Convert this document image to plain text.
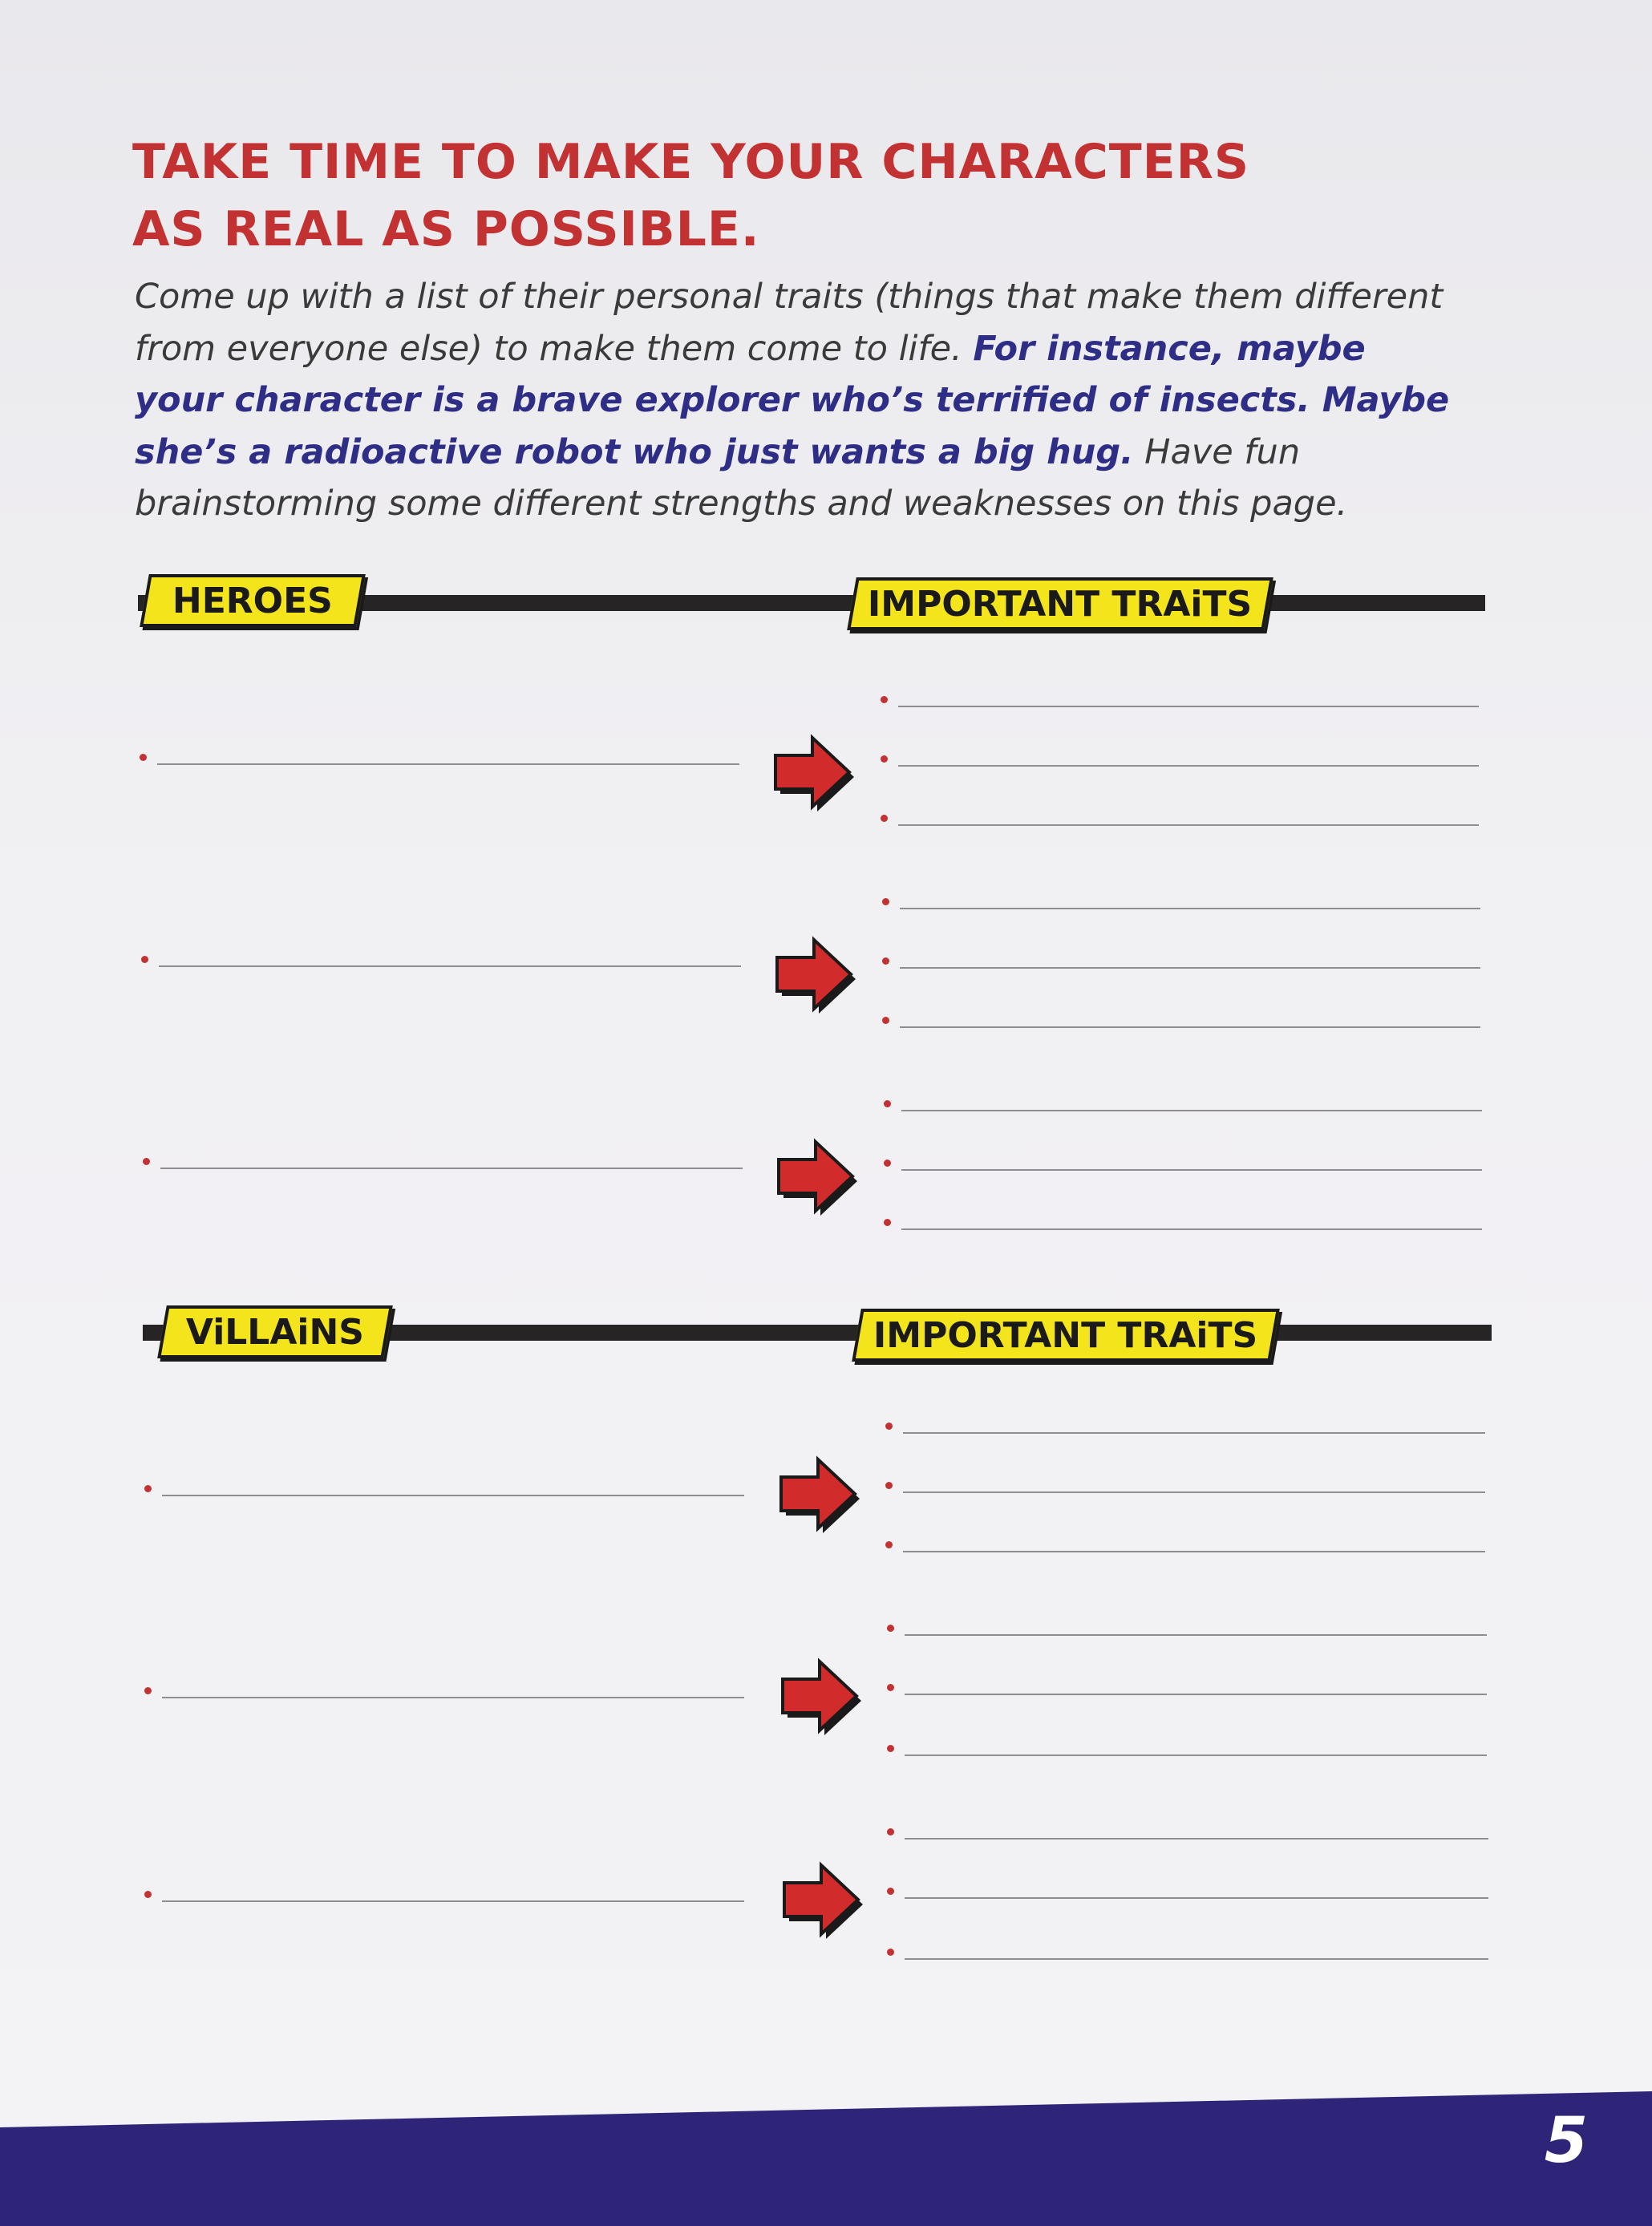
TAKE TIME TO MAKE YOUR CHARACTERS
AS REAL AS POSSIBLE.

Come up with a list of their personal traits (things that make them different from everyone else) to make them come to life. For instance, maybe your character is a brave explorer who’s terrified of insects. Maybe she’s a radioactive robot who just wants a big hug. Have fun brainstorming some different strengths and weaknesses on this page.

HEROES	IMPORTANT TRAiTS
ViLLAiNS	IMPORTANT TRAiTS
5
